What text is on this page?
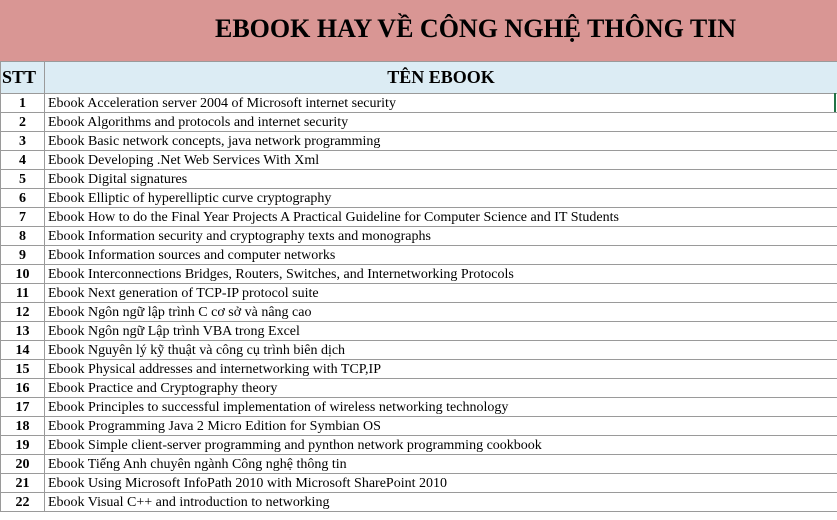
EBOOK HAY VỀ CÔNG NGHỆ THÔNG TIN
STT	TÊN EBOOK
1	Ebook Acceleration server 2004 of Microsoft internet security
2	Ebook Algorithms and protocols and internet security
3	Ebook Basic network concepts, java network programming
4	Ebook Developing .Net Web Services With Xml
5	Ebook Digital signatures
6	Ebook Elliptic of hyperelliptic curve cryptography
7	Ebook How to do the Final Year Projects A Practical Guideline for Computer Science and IT Students
8	Ebook Information security and cryptography texts and monographs
9	Ebook Information sources and computer networks
10	Ebook Interconnections Bridges, Routers, Switches, and Internetworking Protocols
11	Ebook Next generation of TCP-IP protocol suite
12	Ebook Ngôn ngữ lập trình C cơ sở và nâng cao
13	Ebook Ngôn ngữ Lập trình VBA trong Excel
14	Ebook Nguyên lý kỹ thuật và công cụ trình biên dịch
15	Ebook Physical addresses and internetworking with TCP,IP
16	Ebook Practice and Cryptography theory
17	Ebook Principles to successful implementation of wireless networking technology
18	Ebook Programming Java 2 Micro Edition for Symbian OS
19	Ebook Simple client-server programming and pynthon network programming cookbook
20	Ebook Tiếng Anh chuyên ngành Công nghệ thông tin
21	Ebook Using Microsoft InfoPath 2010 with Microsoft SharePoint 2010
22	Ebook Visual C++ and introduction to networking
